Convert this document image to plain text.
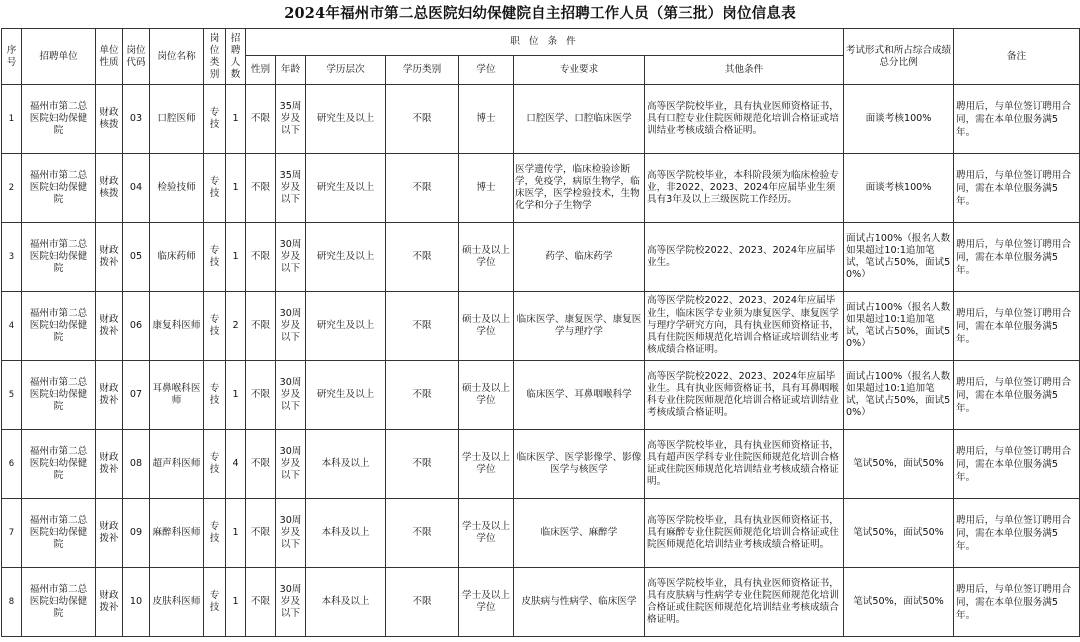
2024年福州市第二总医院妇幼保健院自主招聘工作人员（第三批）岗位信息表
序号	招聘单位	单位性质	岗位代码	岗位名称	岗位类别	招聘人数	职 位 条 件							考试形式和所占综合成绩总分比例	备注
							性别	年龄	学历层次	学历类别	学位	专业要求	其他条件		
1	福州市第二总医院妇幼保健院	财政核拨	03	口腔医师	专技	1	不限	35周岁及以下	研究生及以上	不限	博士	口腔医学、口腔临床医学	高等医学院校毕业，具有执业医师资格证书，具有口腔专业住院医师规范化培训合格证或培训结业考核成绩合格证明。	面谈考核100%	聘用后，与单位签订聘用合同，需在本单位服务满5年。
2	福州市第二总医院妇幼保健院	财政核拨	04	检验技师	专技	1	不限	35周岁及以下	研究生及以上	不限	博士	医学遗传学，临床检验诊断学，免疫学，病原生物学，临床医学，医学检验技术，生物化学和分子生物学	高等医学院校毕业，本科阶段须为临床检验专业，非2022、2023、2024年应届毕业生须具有3年及以上三级医院工作经历。	面谈考核100%	聘用后，与单位签订聘用合同，需在本单位服务满5年。
3	福州市第二总医院妇幼保健院	财政拨补	05	临床药师	专技	1	不限	30周岁及以下	研究生及以上	不限	硕士及以上学位	药学、临床药学	高等医学院校2022、2023、2024年应届毕业生。	面试占100%（报名人数如果超过10:1追加笔试，笔试占50%，面试50%）	聘用后，与单位签订聘用合同，需在本单位服务满5年。
4	福州市第二总医院妇幼保健院	财政拨补	06	康复科医师	专技	2	不限	30周岁及以下	研究生及以上	不限	硕士及以上学位	临床医学、康复医学、康复医学与理疗学	高等医学院校2022、2023、2024年应届毕业生，临床医学专业须为康复医学、康复医学与理疗学研究方向，具有执业医师资格证书，具有住院医师规范化培训合格证或培训结业考核成绩合格证明。	面试占100%（报名人数如果超过10:1追加笔试，笔试占50%，面试50%）	聘用后，与单位签订聘用合同，需在本单位服务满5年。
5	福州市第二总医院妇幼保健院	财政拨补	07	耳鼻喉科医师	专技	1	不限	30周岁及以下	研究生及以上	不限	硕士及以上学位	临床医学、耳鼻咽喉科学	高等医学院校2022、2023、2024年应届毕业生。具有执业医师资格证书，具有耳鼻咽喉科专业住院医师规范化培训合格证或培训结业考核成绩合格证明。	面试占100%（报名人数如果超过10:1追加笔试，笔试占50%，面试50%）	聘用后，与单位签订聘用合同，需在本单位服务满5年。
6	福州市第二总医院妇幼保健院	财政拨补	08	超声科医师	专技	4	不限	30周岁及以下	本科及以上	不限	学士及以上学位	临床医学、医学影像学、影像医学与核医学	高等医学院校毕业，具有执业医师资格证书，具有超声医学科专业住院医师规范化培训合格证或住院医师规范化培训结业考核成绩合格证明。	笔试50%，面试50%	聘用后，与单位签订聘用合同，需在本单位服务满5年。
7	福州市第二总医院妇幼保健院	财政拨补	09	麻醉科医师	专技	1	不限	30周岁及以下	本科及以上	不限	学士及以上学位	临床医学、麻醉学	高等医学院校毕业，具有执业医师资格证书，具有麻醉专业住院医师规范化培训合格证或住院医师规范化培训结业考核成绩合格证明。	笔试50%，面试50%	聘用后，与单位签订聘用合同，需在本单位服务满5年。
8	福州市第二总医院妇幼保健院	财政拨补	10	皮肤科医师	专技	1	不限	30周岁及以下	本科及以上	不限	学士及以上学位	皮肤病与性病学、临床医学	高等医学院校毕业，具有执业医师资格证书，具有皮肤病与性病学专业住院医师规范化培训合格证或住院医师规范化培训结业考核成绩合格证明。	笔试50%，面试50%	聘用后，与单位签订聘用合同，需在本单位服务满5年。
